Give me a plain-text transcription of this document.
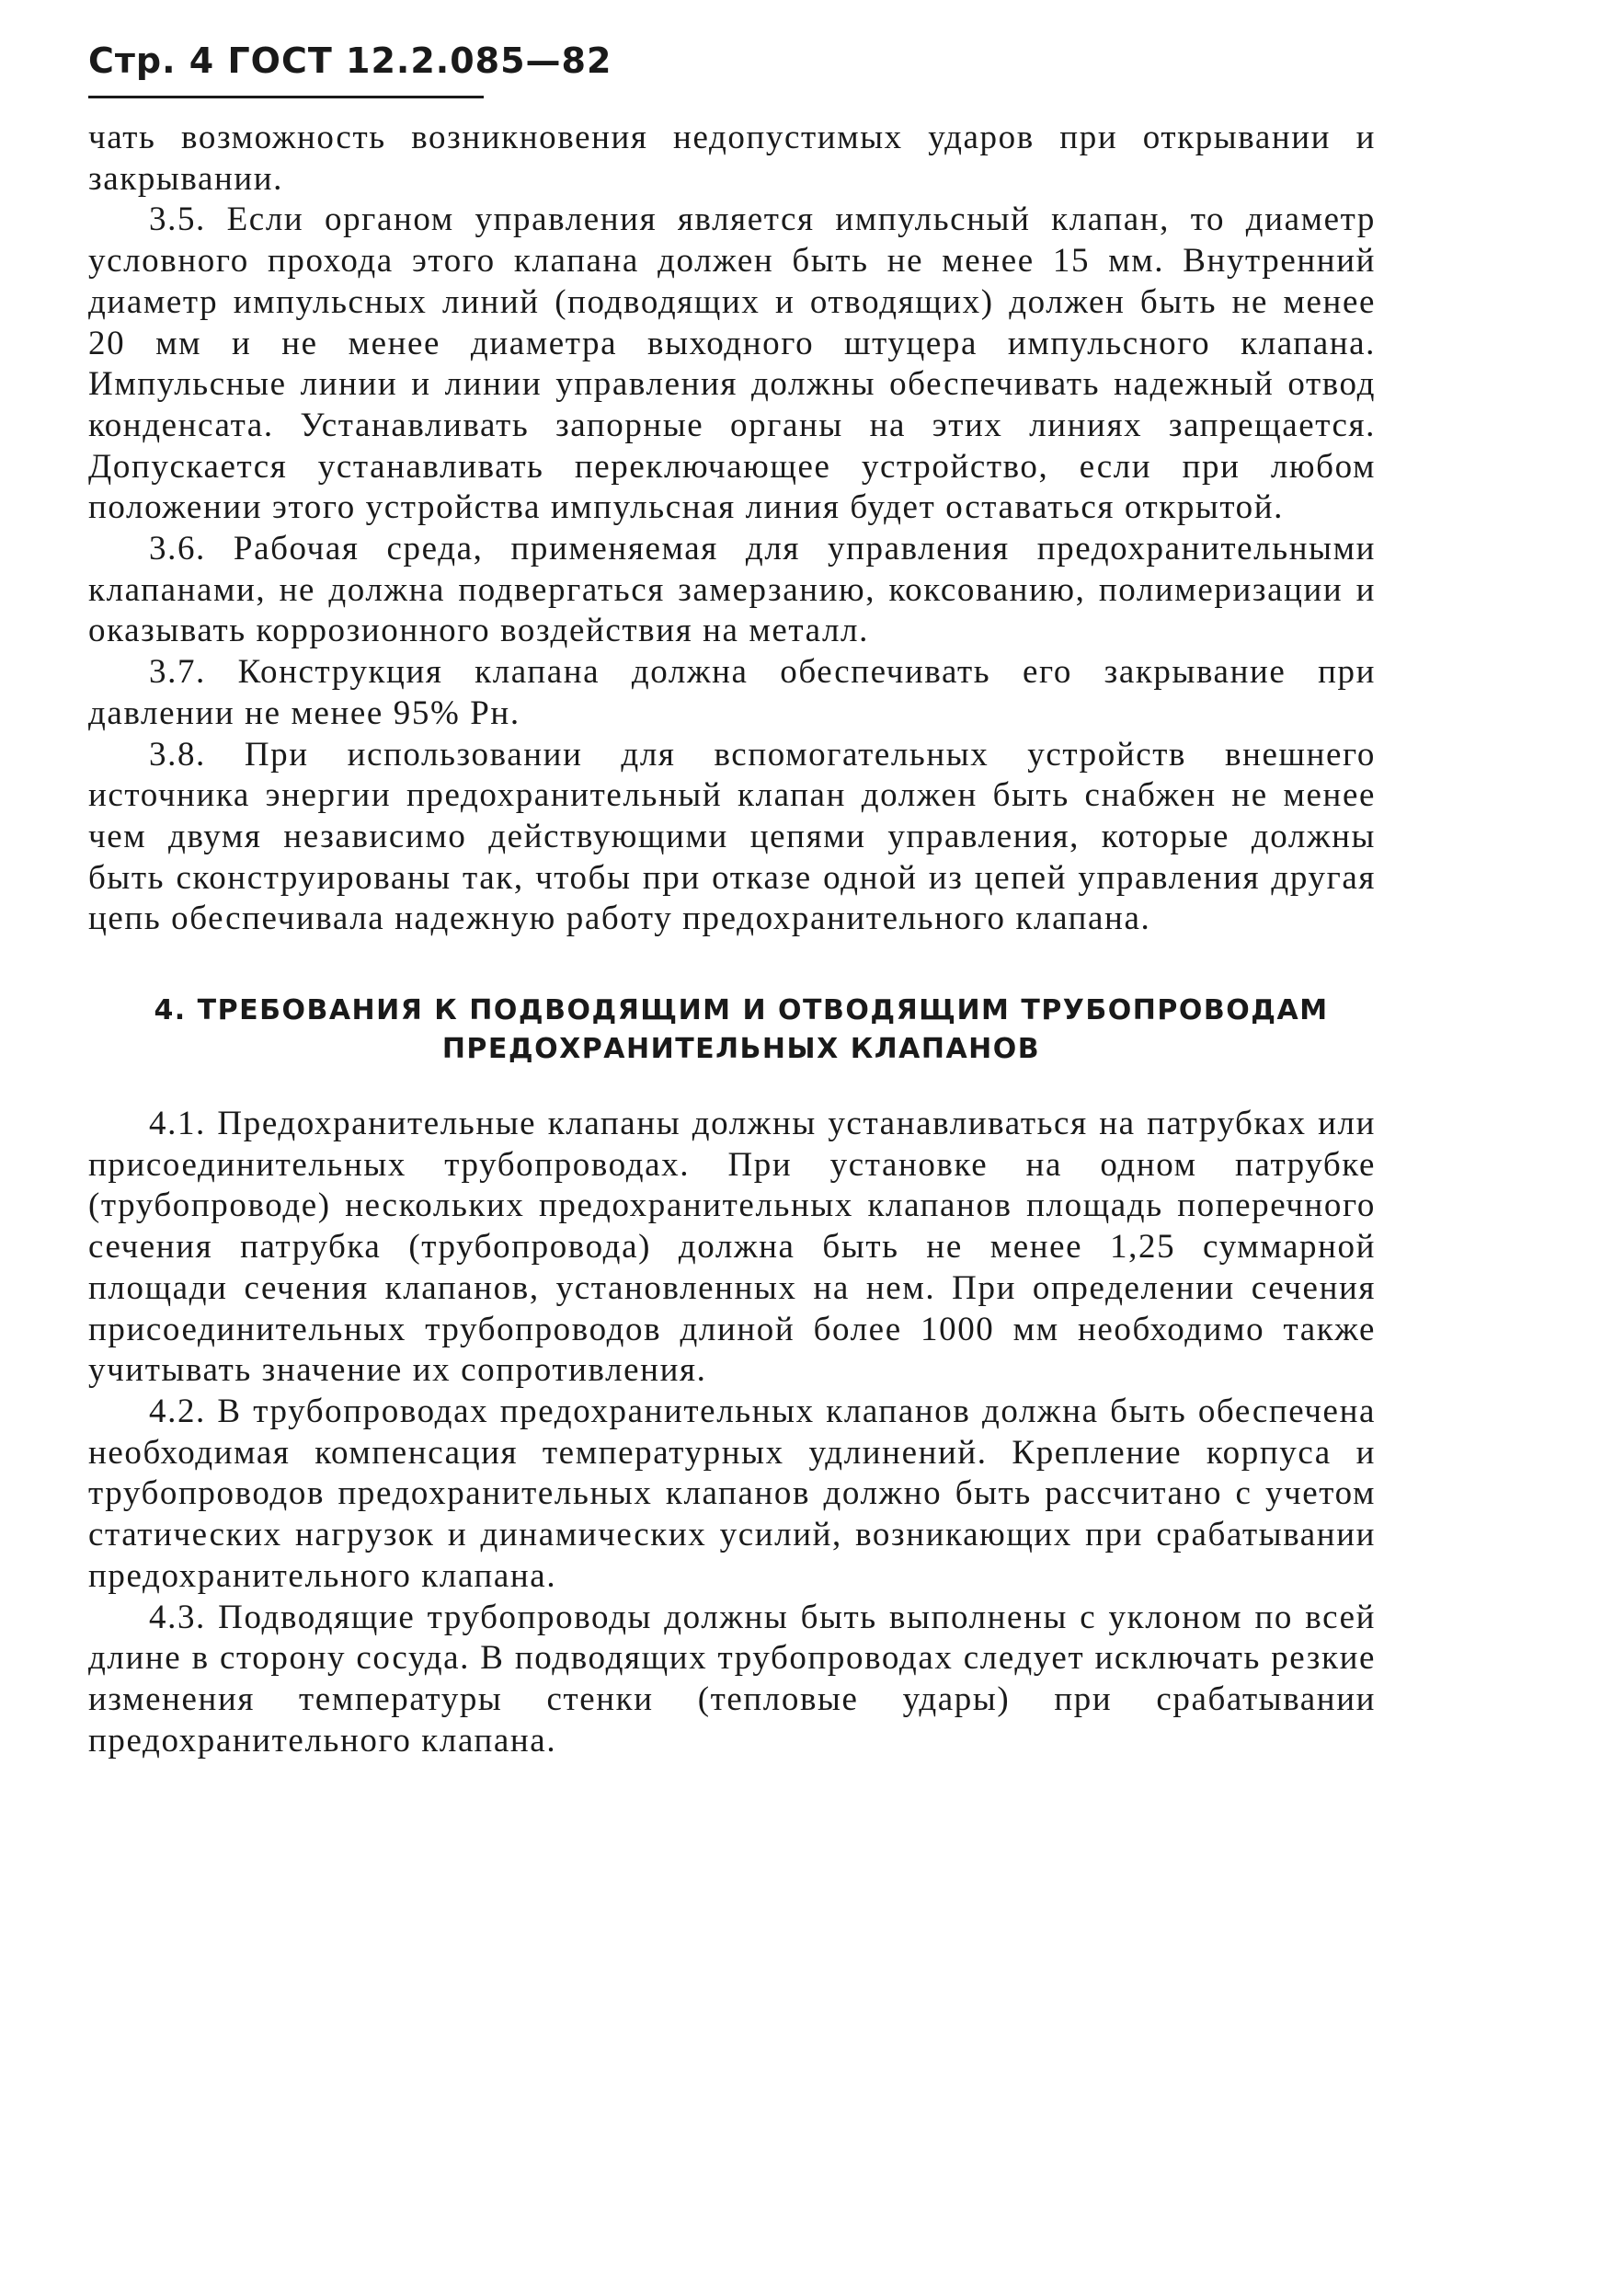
Стр. 4 ГОСТ 12.2.085—82

чать возможность возникновения недопустимых ударов при открывании и закрывании.

3.5. Если органом управления является импульсный клапан, то диаметр условного прохода этого клапана должен быть не менее 15 мм. Внутренний диаметр импульсных линий (подводящих и отводящих) должен быть не менее 20 мм и не менее диаметра выходного штуцера импульсного клапана. Импульсные линии и линии управления должны обеспечивать надежный отвод конденсата. Устанавливать запорные органы на этих линиях запрещается. Допускается устанавливать переключающее устройство, если при любом положении этого устройства импульсная линия будет оставаться открытой.

3.6. Рабочая среда, применяемая для управления предохранительными клапанами, не должна подвергаться замерзанию, коксованию, полимеризации и оказывать коррозионного воздействия на металл.

3.7. Конструкция клапана должна обеспечивать его закрывание при давлении не менее 95% Pн.

3.8. При использовании для вспомогательных устройств внешнего источника энергии предохранительный клапан должен быть снабжен не менее чем двумя независимо действующими цепями управления, которые должны быть сконструированы так, чтобы при отказе одной из цепей управления другая цепь обеспечивала надежную работу предохранительного клапана.

4. ТРЕБОВАНИЯ К ПОДВОДЯЩИМ И ОТВОДЯЩИМ ТРУБОПРОВОДАМ
ПРЕДОХРАНИТЕЛЬНЫХ КЛАПАНОВ

4.1. Предохранительные клапаны должны устанавливаться на патрубках или присоединительных трубопроводах. При установке на одном патрубке (трубопроводе) нескольких предохранительных клапанов площадь поперечного сечения патрубка (трубопровода) должна быть не менее 1,25 суммарной площади сечения клапанов, установленных на нем. При определении сечения присоединительных трубопроводов длиной более 1000 мм необходимо также учитывать значение их сопротивления.

4.2. В трубопроводах предохранительных клапанов должна быть обеспечена необходимая компенсация температурных удлинений. Крепление корпуса и трубопроводов предохранительных клапанов должно быть рассчитано с учетом статических нагрузок и динамических усилий, возникающих при срабатывании предохранительного клапана.

4.3. Подводящие трубопроводы должны быть выполнены с уклоном по всей длине в сторону сосуда. В подводящих трубопроводах следует исключать резкие изменения температуры стенки (тепловые удары) при срабатывании предохранительного клапана.
